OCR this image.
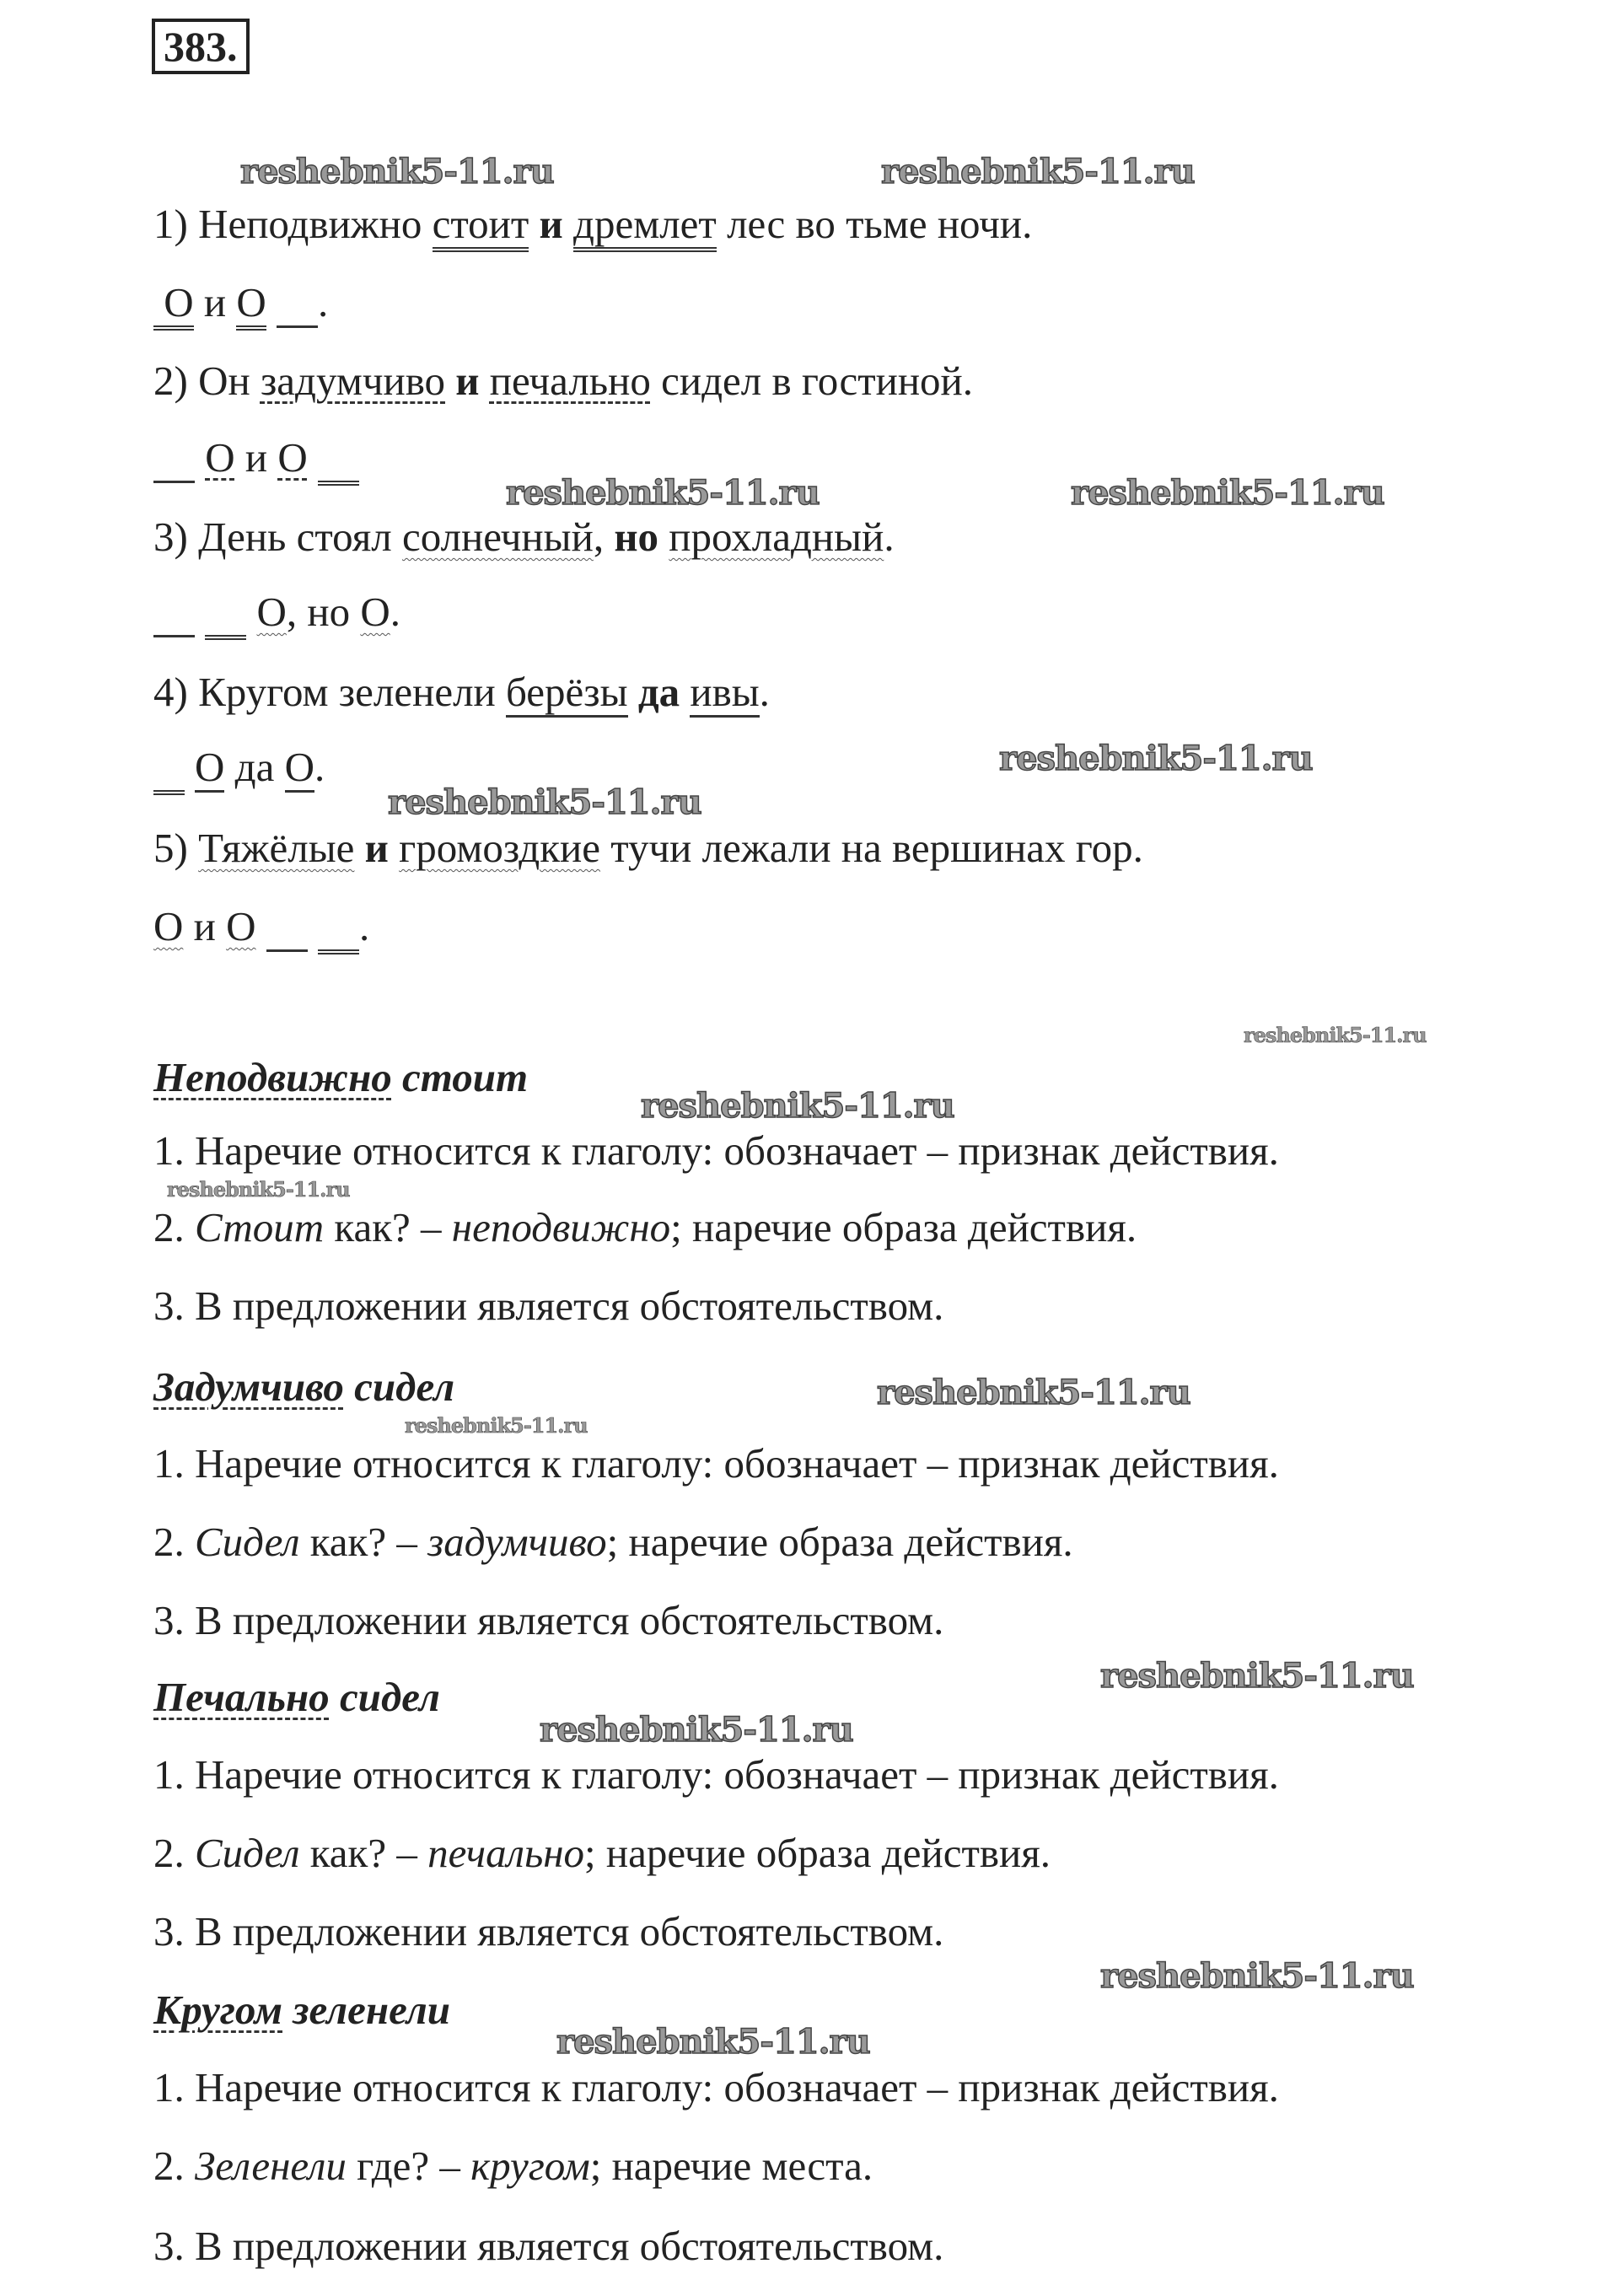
383.
1) Неподвижно стоит и дремлет лес во тьме ночи.
О и О .
2) Он задумчиво и печально сидел в гостиной.
О и О
3) День стоял солнечный, но прохладный.
О, но О.
4) Кругом зеленели берёзы да ивы.
О да О.
5) Тяжёлые и громоздкие тучи лежали на вершинах гор.
О и О	.
Неподвижно стоит
1. Наречие относится к глаголу: обозначает – признак действия.
2. Стоит как? – неподвижно; наречие образа действия.
3. В предложении является обстоятельством.
Задумчиво сидел
1. Наречие относится к глаголу: обозначает – признак действия.
2. Сидел как? – задумчиво; наречие образа действия.
3. В предложении является обстоятельством.
Печально сидел
1. Наречие относится к глаголу: обозначает – признак действия.
2. Сидел как? – печально; наречие образа действия.
3. В предложении является обстоятельством.
Кругом зеленели
1. Наречие относится к глаголу: обозначает – признак действия.
2. Зеленели где? – кругом; наречие места.
3. В предложении является обстоятельством.
reshebnik5-11.ru	reshebnik5-11.ru
reshebnik5-11.ru	reshebnik5-11.ru
reshebnik5-11.ru
reshebnik5-11.ru
reshebnik5-11.ru
reshebnik5-11.ru
reshebnik5-11.ru
reshebnik5-11.ru
reshebnik5-11.ru
reshebnik5-11.ru
reshebnik5-11.ru
reshebnik5-11.ru
reshebnik5-11.ru
